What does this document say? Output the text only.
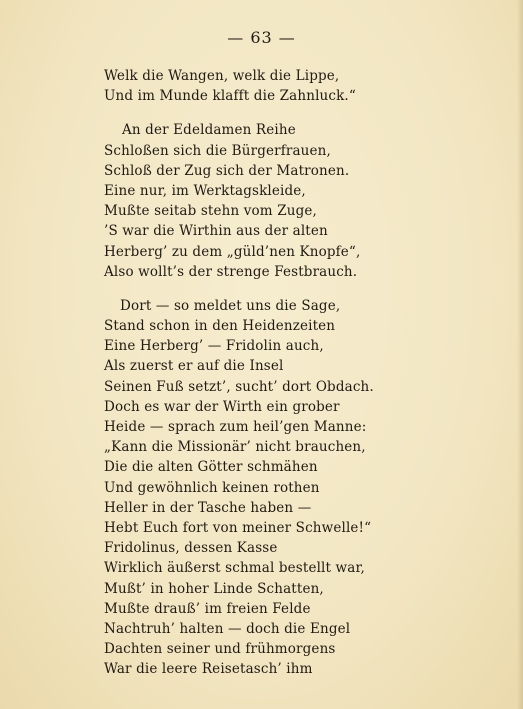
— 63 —
Welk die Wangen, welk die Lippe,
Und im Munde klafft die Zahnluck.“
An der Edeldamen Reihe
Schloßen sich die Bürgerfrauen,
Schloß der Zug sich der Matronen.
Eine nur, im Werktagskleide,
Mußte seitab stehn vom Zuge,
’S war die Wirthin aus der alten
Herberg’ zu dem „güld’nen Knopfe“,
Also wollt’s der strenge Festbrauch.
Dort — so meldet uns die Sage,
Stand schon in den Heidenzeiten
Eine Herberg’ — Fridolin auch,
Als zuerst er auf die Insel
Seinen Fuß setzt’, sucht’ dort Obdach.
Doch es war der Wirth ein grober
Heide — sprach zum heil’gen Manne:
„Kann die Missionär’ nicht brauchen,
Die die alten Götter schmähen
Und gewöhnlich keinen rothen
Heller in der Tasche haben —
Hebt Euch fort von meiner Schwelle!“
Fridolinus, dessen Kasse
Wirklich äußerst schmal bestellt war,
Mußt’ in hoher Linde Schatten,
Mußte drauß’ im freien Felde
Nachtruh’ halten — doch die Engel
Dachten seiner und frühmorgens
War die leere Reisetasch’ ihm
